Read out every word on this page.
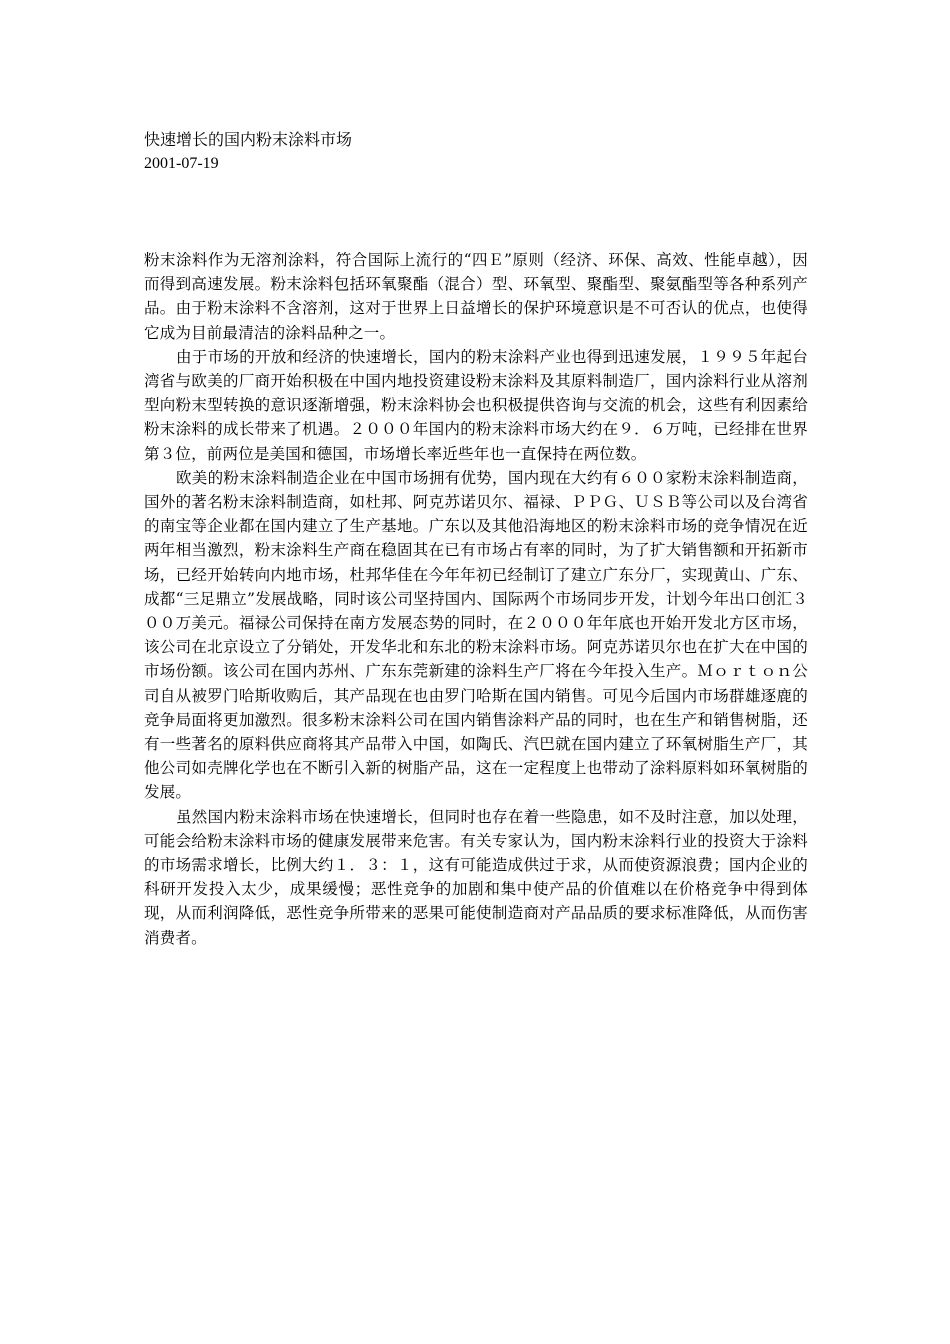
快速增长的国内粉末涂料市场

2001-07-19

粉末涂料作为无溶剂涂料，符合国际上流行的“四Ｅ”原则（经济、环保、高效、性能卓越），因而得到高速发展。粉末涂料包括环氧聚酯（混合）型、环氧型、聚酯型、聚氨酯型等各种系列产品。由于粉末涂料不含溶剂，这对于世界上日益增长的保护环境意识是不可否认的优点，也使得它成为目前最清洁的涂料品种之一。

由于市场的开放和经济的快速增长，国内的粉末涂料产业也得到迅速发展，１９９５年起台湾省与欧美的厂商开始积极在中国内地投资建设粉末涂料及其原料制造厂，国内涂料行业从溶剂型向粉末型转换的意识逐渐增强，粉末涂料协会也积极提供咨询与交流的机会，这些有利因素给粉末涂料的成长带来了机遇。２０００年国内的粉末涂料市场大约在９．６万吨，已经排在世界第３位，前两位是美国和德国，市场增长率近些年也一直保持在两位数。

欧美的粉末涂料制造企业在中国市场拥有优势，国内现在大约有６００家粉末涂料制造商，国外的著名粉末涂料制造商，如杜邦、阿克苏诺贝尔、福禄、ＰＰＧ、ＵＳＢ等公司以及台湾省的南宝等企业都在国内建立了生产基地。广东以及其他沿海地区的粉末涂料市场的竞争情况在近两年相当激烈，粉末涂料生产商在稳固其在已有市场占有率的同时，为了扩大销售额和开拓新市场，已经开始转向内地市场，杜邦华佳在今年年初已经制订了建立广东分厂，实现黄山、广东、成都“三足鼎立”发展战略，同时该公司坚持国内、国际两个市场同步开发，计划今年出口创汇３００万美元。福禄公司保持在南方发展态势的同时，在２０００年年底也开始开发北方区市场，该公司在北京设立了分销处，开发华北和东北的粉末涂料市场。阿克苏诺贝尔也在扩大在中国的市场份额。该公司在国内苏州、广东东莞新建的涂料生产厂将在今年投入生产。Ｍｏｒｔｏｎ公司自从被罗门哈斯收购后，其产品现在也由罗门哈斯在国内销售。可见今后国内市场群雄逐鹿的竞争局面将更加激烈。很多粉末涂料公司在国内销售涂料产品的同时，也在生产和销售树脂，还有一些著名的原料供应商将其产品带入中国，如陶氏、汽巴就在国内建立了环氧树脂生产厂，其他公司如壳牌化学也在不断引入新的树脂产品，这在一定程度上也带动了涂料原料如环氧树脂的发展。

虽然国内粉末涂料市场在快速增长，但同时也存在着一些隐患，如不及时注意，加以处理，可能会给粉末涂料市场的健康发展带来危害。有关专家认为，国内粉末涂料行业的投资大于涂料的市场需求增长，比例大约１．３：１，这有可能造成供过于求，从而使资源浪费；国内企业的科研开发投入太少，成果缓慢；恶性竞争的加剧和集中使产品的价值难以在价格竞争中得到体现，从而利润降低，恶性竞争所带来的恶果可能使制造商对产品品质的要求标准降低，从而伤害消费者。
